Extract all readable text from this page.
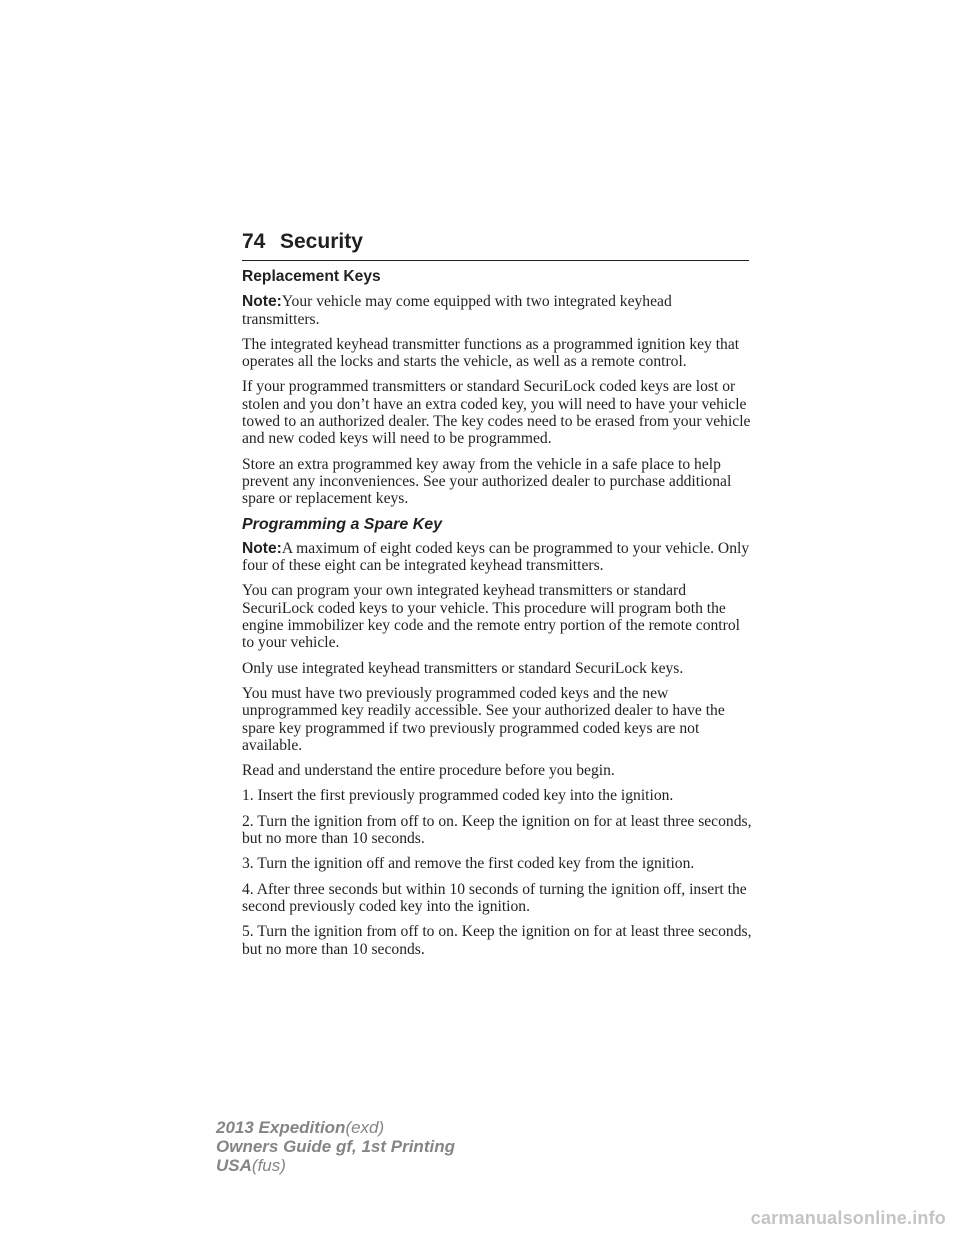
74 Security
Replacement Keys

Note:Your vehicle may come equipped with two integrated keyhead transmitters.

The integrated keyhead transmitter functions as a programmed ignition key that operates all the locks and starts the vehicle, as well as a remote control.

If your programmed transmitters or standard SecuriLock coded keys are lost or stolen and you don’t have an extra coded key, you will need to have your vehicle towed to an authorized dealer. The key codes need to be erased from your vehicle and new coded keys will need to be programmed.

Store an extra programmed key away from the vehicle in a safe place to help prevent any inconveniences. See your authorized dealer to purchase additional spare or replacement keys.

Programming a Spare Key

Note:A maximum of eight coded keys can be programmed to your vehicle. Only four of these eight can be integrated keyhead transmitters.

You can program your own integrated keyhead transmitters or standard SecuriLock coded keys to your vehicle. This procedure will program both the engine immobilizer key code and the remote entry portion of the remote control to your vehicle.

Only use integrated keyhead transmitters or standard SecuriLock keys.

You must have two previously programmed coded keys and the new unprogrammed key readily accessible. See your authorized dealer to have the spare key programmed if two previously programmed coded keys are not available.

Read and understand the entire procedure before you begin.

1. Insert the first previously programmed coded key into the ignition.

2. Turn the ignition from off to on. Keep the ignition on for at least three seconds, but no more than 10 seconds.

3. Turn the ignition off and remove the first coded key from the ignition.

4. After three seconds but within 10 seconds of turning the ignition off, insert the second previously coded key into the ignition.

5. Turn the ignition from off to on. Keep the ignition on for at least three seconds, but no more than 10 seconds.

2013 Expedition(exd)
Owners Guide gf, 1st Printing
USA(fus)
carmanualsonline.info
